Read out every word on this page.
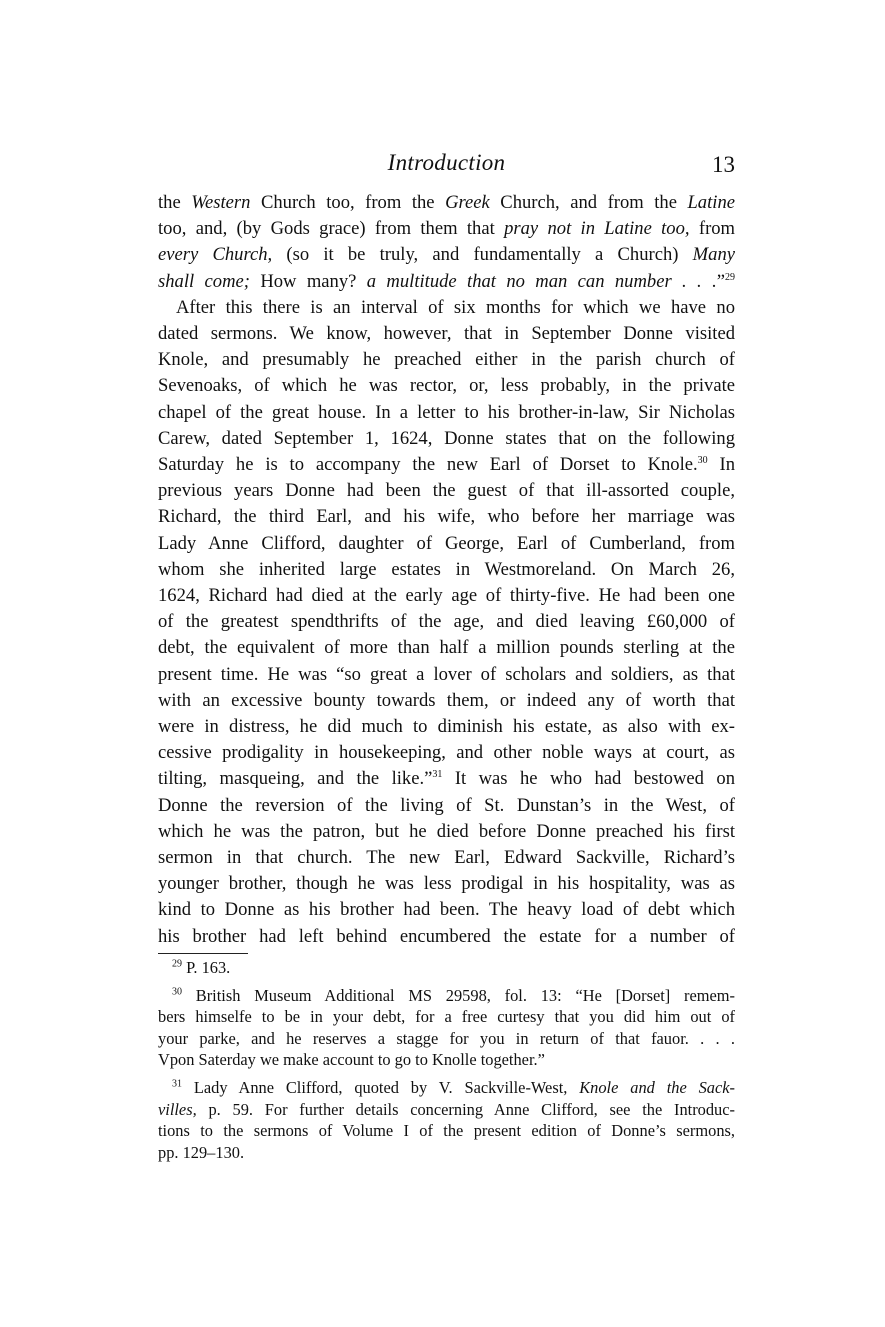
Introduction	13
the Western Church too, from the Greek Church, and from the Latine
too, and, (by Gods grace) from them that pray not in Latine too, from
every Church, (so it be truly, and fundamentally a Church) Many
shall come; How many? a multitude that no man can number . . .”$^{29}$
After this there is an interval of six months for which we have no
dated sermons. We know, however, that in September Donne visited
Knole, and presumably he preached either in the parish church of
Sevenoaks, of which he was rector, or, less probably, in the private
chapel of the great house. In a letter to his brother-in-law, Sir Nicholas
Carew, dated September 1, 1624, Donne states that on the following
Saturday he is to accompany the new Earl of Dorset to Knole.$^{30}$ In
previous years Donne had been the guest of that ill-assorted couple,
Richard, the third Earl, and his wife, who before her marriage was
Lady Anne Clifford, daughter of George, Earl of Cumberland, from
whom she inherited large estates in Westmoreland. On March 26,
1624, Richard had died at the early age of thirty-five. He had been one
of the greatest spendthrifts of the age, and died leaving £60,000 of
debt, the equivalent of more than half a million pounds sterling at the
present time. He was “so great a lover of scholars and soldiers, as that
with an excessive bounty towards them, or indeed any of worth that
were in distress, he did much to diminish his estate, as also with ex-
cessive prodigality in housekeeping, and other noble ways at court, as
tilting, masqueing, and the like.”$^{31}$ It was he who had bestowed on
Donne the reversion of the living of St. Dunstan’s in the West, of
which he was the patron, but he died before Donne preached his first
sermon in that church. The new Earl, Edward Sackville, Richard’s
younger brother, though he was less prodigal in his hospitality, was as
kind to Donne as his brother had been. The heavy load of debt which
his brother had left behind encumbered the estate for a number of
$^{29}$ P. 163.
$^{30}$ British Museum Additional MS 29598, fol. 13: “He [Dorset] remem-
bers himselfe to be in your debt, for a free curtesy that you did him out of
your parke, and he reserves a stagge for you in return of that fauor. . . .
Vpon Saterday we make account to go to Knolle together.”
$^{31}$ Lady Anne Clifford, quoted by V. Sackville-West, Knole and the Sack-
villes, p. 59. For further details concerning Anne Clifford, see the Introduc-
tions to the sermons of Volume I of the present edition of Donne’s sermons,
pp. 129–130.
